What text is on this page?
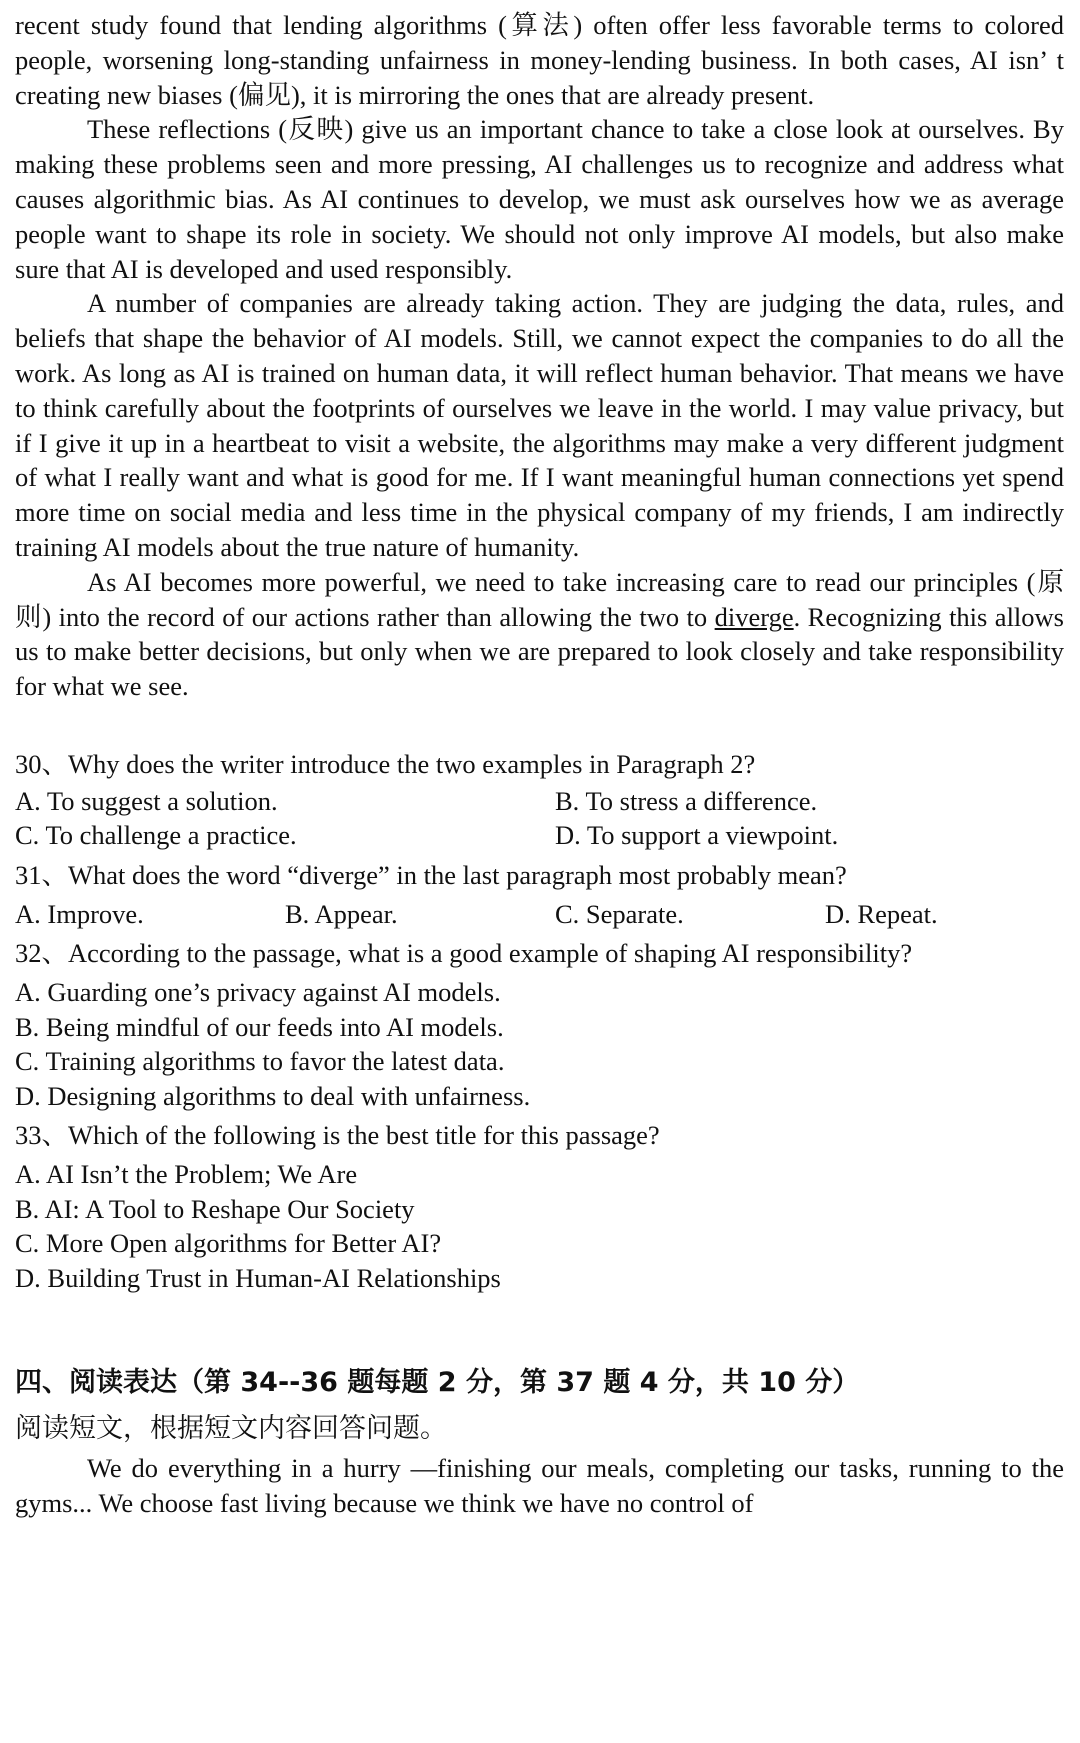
recent study found that lending algorithms (算法) often offer less favorable terms to colored people, worsening long-standing unfairness in money-lending business. In both cases, AI isn’ t creating new biases (偏见), it is mirroring the ones that are already present.

These reflections (反映) give us an important chance to take a close look at ourselves. By making these problems seen and more pressing, AI challenges us to recognize and address what causes algorithmic bias. As AI continues to develop, we must ask ourselves how we as average people want to shape its role in society. We should not only improve AI models, but also make sure that AI is developed and used responsibly.

A number of companies are already taking action. They are judging the data, rules, and beliefs that shape the behavior of AI models. Still, we cannot expect the companies to do all the work. As long as AI is trained on human data, it will reflect human behavior. That means we have to think carefully about the footprints of ourselves we leave in the world. I may value privacy, but if I give it up in a heartbeat to visit a website, the algorithms may make a very different judgment of what I really want and what is good for me. If I want meaningful human connections yet spend more time on social media and less time in the physical company of my friends, I am indirectly training AI models about the true nature of humanity.

As AI becomes more powerful, we need to take increasing care to read our principles (原则) into the record of our actions rather than allowing the two to diverge. Recognizing this allows us to make better decisions, but only when we are prepared to look closely and take responsibility for what we see.

30、Why does the writer introduce the two examples in Paragraph 2?
A. To suggest a solution.	B. To stress a difference.
C. To challenge a practice.	D. To support a viewpoint.
31、What does the word “diverge” in the last paragraph most probably mean?
A. Improve.	B. Appear.	C. Separate.	D. Repeat.
32、According to the passage, what is a good example of shaping AI responsibility?
A. Guarding one’s privacy against AI models.
B. Being mindful of our feeds into AI models.
C. Training algorithms to favor the latest data.
D. Designing algorithms to deal with unfairness.
33、Which of the following is the best title for this passage?
A. AI Isn’t the Problem; We Are
B. AI: A Tool to Reshape Our Society
C. More Open algorithms for Better AI?
D. Building Trust in Human-AI Relationships
四、阅读表达（第 34--36 题每题 2 分，第 37 题 4 分，共 10 分）
阅读短文，根据短文内容回答问题。

We do everything in a hurry —finishing our meals, completing our tasks, running to the gyms... We choose fast living because we think we have no control of
